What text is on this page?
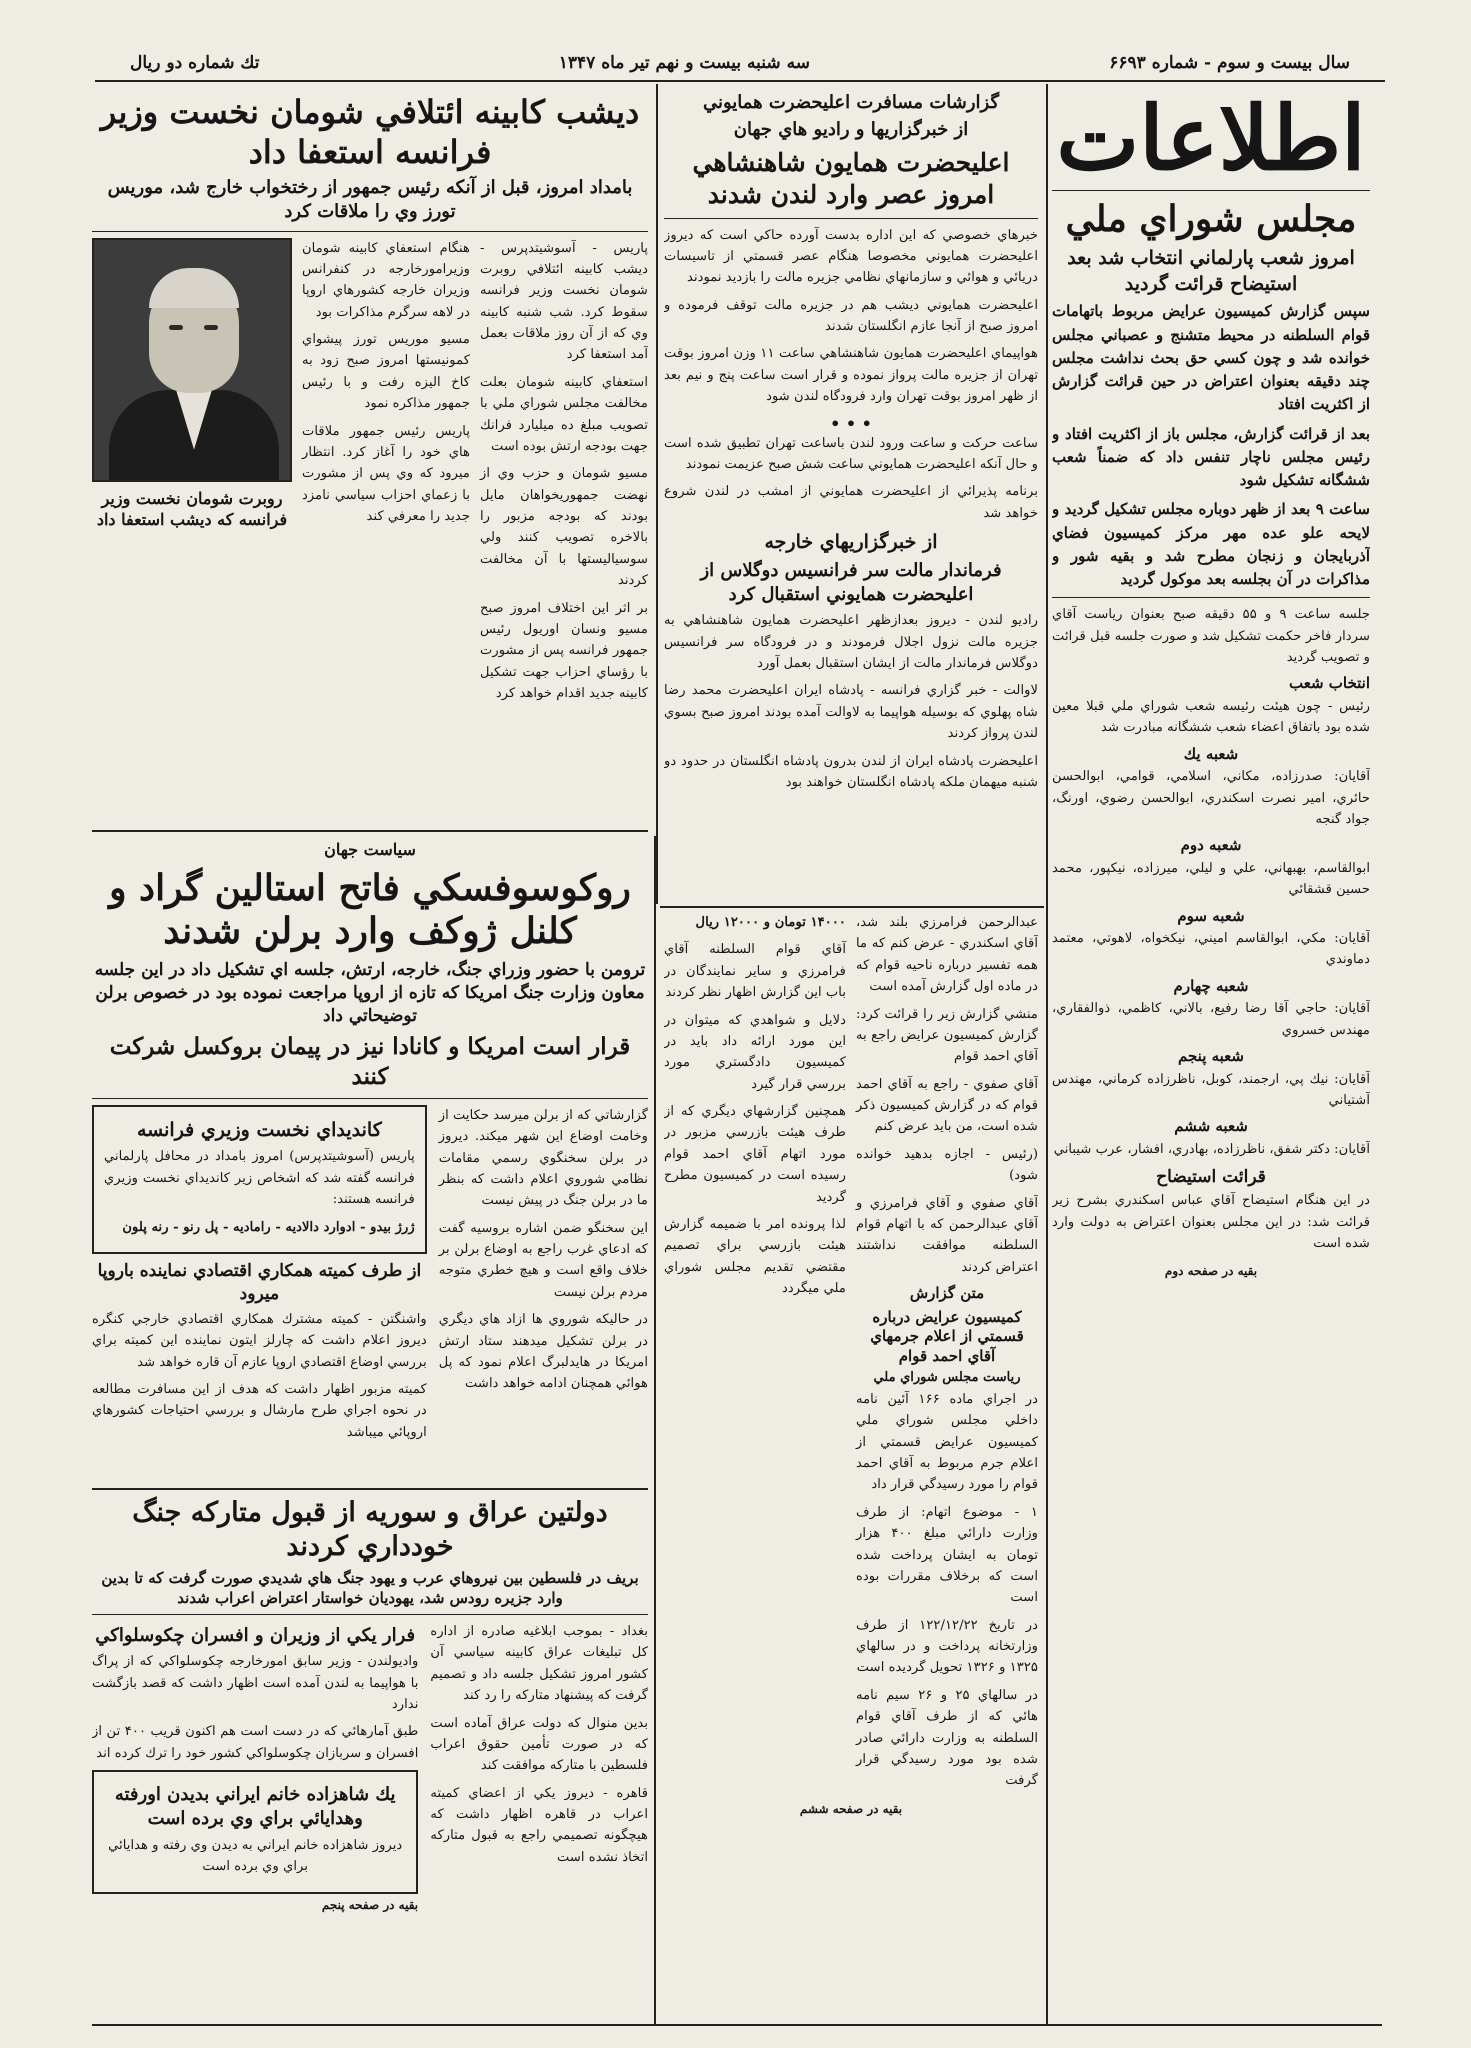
سال بيست و سوم - شماره ۶۶۹۳
سه شنبه بيست و نهم تير ماه ۱۳۴۷
تك شماره دو ريال
اطلاعات
مجلس شوراي ملي
امروز شعب پارلماني انتخاب شد بعد استيضاح قرائت گرديد

سپس گزارش كميسيون عرايض مربوط باتهامات قوام السلطنه در محيط متشنج و عصباني مجلس خوانده شد و چون كسي حق بحث نداشت مجلس چند دقيقه بعنوان اعتراض در حين قرائت گزارش از اكثريت افتاد

بعد از قرائت گزارش، مجلس باز از اكثريت افتاد و رئيس مجلس ناچار تنفس داد كه ضمناً شعب ششگانه تشكيل شود

ساعت ۹ بعد از ظهر دوباره مجلس تشكيل گرديد و لايحه علو عده مهر مركز كميسيون فضاي آذربايجان و زنجان مطرح شد و بقيه شور و مذاكرات در آن بجلسه بعد موكول گرديد

جلسه ساعت ۹ و ۵۵ دقيقه صبح بعنوان رياست آقاي سردار فاخر حكمت تشكيل شد و صورت جلسه قبل قرائت و تصويب گرديد

انتخاب شعب

رئيس - چون هيئت رئيسه شعب شوراي ملي قبلا معين شده بود باتفاق اعضاء شعب ششگانه مبادرت شد

شعبه يك

آقايان: صدرزاده، مكاني، اسلامي، قوامي، ابوالحسن حائري، امير نصرت اسكندري، ابوالحسن رضوي، اورنگ، جواد گنجه

شعبه دوم

ابوالقاسم، بهبهاني، علي و ليلي، ميرزاده، نيكپور، محمد حسين قشقائي

شعبه سوم

آقايان: مكي، ابوالقاسم اميني، نيكخواه، لاهوتي، معتمد دماوندي

شعبه چهارم

آقايان: حاجي آقا رضا رفيع، بالاني، كاظمي، ذوالفقاري، مهندس خسروي

شعبه پنجم

آقايان: نيك پي، ارجمند، كوبل، ناظرزاده كرماني، مهندس آشتياني

شعبه ششم

آقايان: دكتر شفق، ناظرزاده، بهادري، افشار، عرب شيباني

قرائت استيضاح

در اين هنگام استيضاح آقاي عباس اسكندري بشرح زير قرائت شد: در اين مجلس بعنوان اعتراض به دولت وارد شده است

بقيه در صفحه دوم
گزارشات مسافرت اعليحضرت همايوني
از خبرگزاريها و راديو هاي جهان
اعليحضرت همايون شاهنشاهي امروز عصر وارد لندن شدند

خبرهاي خصوصي كه اين اداره بدست آورده حاكي است كه ديروز اعليحضرت همايوني مخصوصا هنگام عصر قسمتي از تاسيسات دريائي و هوائي و سازمانهاي نظامي جزيره مالت را بازديد نمودند

اعليحضرت همايوني ديشب هم در جزيره مالت توقف فرموده و امروز صبح از آنجا عازم انگلستان شدند

هواپيماي اعليحضرت همايون شاهنشاهي ساعت ۱۱ وزن امروز بوقت تهران از جزيره مالت پرواز نموده و قرار است ساعت پنج و نيم بعد از ظهر امروز بوقت تهران وارد فرودگاه لندن شود

• • •

ساعت حركت و ساعت ورود لندن باساعت تهران تطبيق شده است و حال آنكه اعليحضرت همايوني ساعت شش صبح عزيمت نمودند

برنامه پذيرائي از اعليحضرت همايوني از امشب در لندن شروع خواهد شد

از خبرگزاريهاي خارجه
فرماندار مالت سر فرانسيس دوگلاس از اعليحضرت همايوني استقبال كرد

راديو لندن - ديروز بعدازظهر اعليحضرت همايون شاهنشاهي به جزيره مالت نزول اجلال فرمودند و در فرودگاه سر فرانسيس دوگلاس فرماندار مالت از ايشان استقبال بعمل آورد

لاوالت - خبر گزاري فرانسه - پادشاه ايران اعليحضرت محمد رضا شاه پهلوي كه بوسيله هواپيما به لاوالت آمده بودند امروز صبح بسوي لندن پرواز كردند

اعليحضرت پادشاه ايران از لندن بدرون پادشاه انگلستان در حدود دو شنبه ميهمان ملكه پادشاه انگلستان خواهند بود

ديشب كابينه ائتلافي شومان نخست وزير فرانسه استعفا داد
بامداد امروز، قبل از آنكه رئيس جمهور از رختخواب خارج شد، موريس تورز وي را ملاقات كرد

پاريس - آسوشيتدپرس - ديشب كابينه ائتلافي روبرت شومان نخست وزير فرانسه سقوط كرد. شب شنبه كابينه وي كه از آن روز ملاقات بعمل آمد استعفا كرد

استعفاي كابينه شومان بعلت مخالفت مجلس شوراي ملي با تصويب مبلغ ده ميليارد فرانك جهت بودجه ارتش بوده است

مسيو شومان و حزب وي از نهضت جمهوريخواهان مايل بودند كه بودجه مزبور را بالاخره تصويب كنند ولي سوسياليستها با آن مخالفت كردند

بر اثر اين اختلاف امروز صبح مسيو ونسان اوريول رئيس جمهور فرانسه پس از مشورت با رؤساي احزاب جهت تشكيل كابينه جديد اقدام خواهد كرد

هنگام استعفاي كابينه شومان وزيرامورخارجه در كنفرانس وزيران خارجه كشورهاي اروپا در لاهه سرگرم مذاكرات بود

مسيو موريس تورز پيشواي كمونيستها امروز صبح زود به كاخ اليزه رفت و با رئيس جمهور مذاكره نمود

پاريس رئيس جمهور ملاقات هاي خود را آغاز كرد. انتظار ميرود كه وي پس از مشورت با زعماي احزاب سياسي نامزد جديد را معرفي كند

روبرت شومان نخست وزير فرانسه كه ديشب استعفا داد
سياست جهان
روكوسوفسكي فاتح استالين گراد و كلنل ژوكف وارد برلن شدند
ترومن با حضور وزراي جنگ، خارجه، ارتش، جلسه اي تشكيل داد در اين جلسه معاون وزارت جنگ امريكا كه تازه از اروپا مراجعت نموده بود در خصوص برلن توضيحاتي داد
قرار است امريكا و كانادا نيز در پيمان بروكسل شركت كنند

گزارشاتي كه از برلن ميرسد حكايت از وخامت اوضاع اين شهر ميكند. ديروز در برلن سخنگوي رسمي مقامات نظامي شوروي اعلام داشت كه بنظر ما در برلن جنگ در پيش نيست

اين سخنگو ضمن اشاره بروسيه گفت كه ادعاي غرب راجع به اوضاع برلن بر خلاف واقع است و هيچ خطري متوجه مردم برلن نيست

در حاليكه شوروي ها ازاد هاي ديگري در برلن تشكيل ميدهند ستاد ارتش امريكا در هايدلبرگ اعلام نمود كه پل هوائي همچنان ادامه خواهد داشت

كانديداي نخست وزيري فرانسه

پاريس (آسوشيتدپرس) امروز بامداد در محافل پارلماني فرانسه گفته شد كه اشخاص زير كانديداي نخست وزيري فرانسه هستند:

ژرژ بيدو - ادوارد دالاديه - رامادیه - پل رنو - رنه پلون

از طرف كميته همكاري اقتصادي نماينده باروپا ميرود

واشنگتن - كميته مشترك همكاري اقتصادي خارجي كنگره ديروز اعلام داشت كه چارلز ايتون نماينده اين كميته براي بررسي اوضاع اقتصادي اروپا عازم آن قاره خواهد شد

كميته مزبور اظهار داشت كه هدف از اين مسافرت مطالعه در نحوه اجراي طرح مارشال و بررسي احتياجات كشورهاي اروپائي ميباشد

دولتين عراق و سوريه از قبول متاركه جنگ خودداري كردند
بريف در فلسطين بين نيروهاي عرب و يهود جنگ هاي شديدي صورت گرفت كه تا بدين وارد جزيره رودس شد، يهوديان خواستار اعتراض اعراب شدند

بغداد - بموجب ابلاغيه صادره از اداره كل تبليغات عراق كابينه سياسي آن كشور امروز تشكيل جلسه داد و تصميم گرفت كه پيشنهاد متاركه را رد كند

بدين منوال كه دولت عراق آماده است كه در صورت تأمين حقوق اعراب فلسطين با متاركه موافقت كند

قاهره - ديروز يكي از اعضاي كميته اعراب در قاهره اظهار داشت كه هيچگونه تصميمي راجع به قبول متاركه اتخاذ نشده است

فرار يكي از وزيران و افسران چكوسلواكي

واديولندن - وزير سابق امورخارجه چكوسلواكي كه از پراگ با هواپيما به لندن آمده است اظهار داشت كه قصد بازگشت ندارد

طبق آمارهائي كه در دست است هم اكنون قريب ۴۰۰ تن از افسران و سربازان چكوسلواكي كشور خود را ترك كرده اند

يك شاهزاده خانم ايراني بديدن اورفته وهدايائي براي وي برده است

ديروز شاهزاده خانم ايراني به ديدن وي رفته و هدايائي براي وي برده است

بقيه در صفحه پنجم

عبدالرحمن فرامرزي بلند شد، آقاي اسكندري - عرض كنم كه ما همه تفسير درباره ناحيه قوام كه در ماده اول گزارش آمده است

منشي گزارش زير را قرائت كرد: گزارش كميسيون عرايض راجع به آقاي احمد قوام

آقاي صفوي - راجع به آقاي احمد قوام كه در گزارش كميسيون ذكر شده است، من باید عرض كنم

(رئيس - اجازه بدهيد خوانده شود)

آقاي صفوي و آقاي فرامرزي و آقاي عبدالرحمن كه با اتهام قوام السلطنه موافقت نداشتند اعتراض كردند

متن گزارش
كميسيون عرايض درباره قسمتي از اعلام جرمهاي آقاي احمد قوام
رياست مجلس شوراي ملي

در اجراي ماده ۱۶۶ آئين نامه داخلي مجلس شوراي ملي كميسيون عرايض قسمتي از اعلام جرم مربوط به آقاي احمد قوام را مورد رسيدگي قرار داد

۱ - موضوع اتهام: از طرف وزارت دارائي مبلغ ۴۰۰ هزار تومان به ايشان پرداخت شده است كه برخلاف مقررات بوده است

در تاريخ ۱۲۲/۱۲/۲۲ از طرف وزارتخانه پرداخت و در سالهاي ۱۳۲۵ و ۱۳۲۶ تحويل گرديده است

در سالهاي ۲۵ و ۲۶ سيم نامه هائي كه از طرف آقاي قوام السلطنه به وزارت دارائي صادر شده بود مورد رسيدگي قرار گرفت

۱۴۰۰۰ تومان و ۱۲۰۰۰ ريال

آقاي قوام السلطنه آقاي فرامرزي و ساير نمايندگان در باب اين گزارش اظهار نظر كردند

دلايل و شواهدي كه ميتوان در اين مورد ارائه داد بايد در كميسيون دادگستري مورد بررسي قرار گيرد

همچنين گزارشهاي ديگري كه از طرف هيئت بازرسي مزبور در مورد اتهام آقاي احمد قوام رسيده است در كميسيون مطرح گرديد

لذا پرونده امر با ضميمه گزارش هيئت بازرسي براي تصميم مقتضي تقديم مجلس شوراي ملي ميگردد

بقيه در صفحه ششم
